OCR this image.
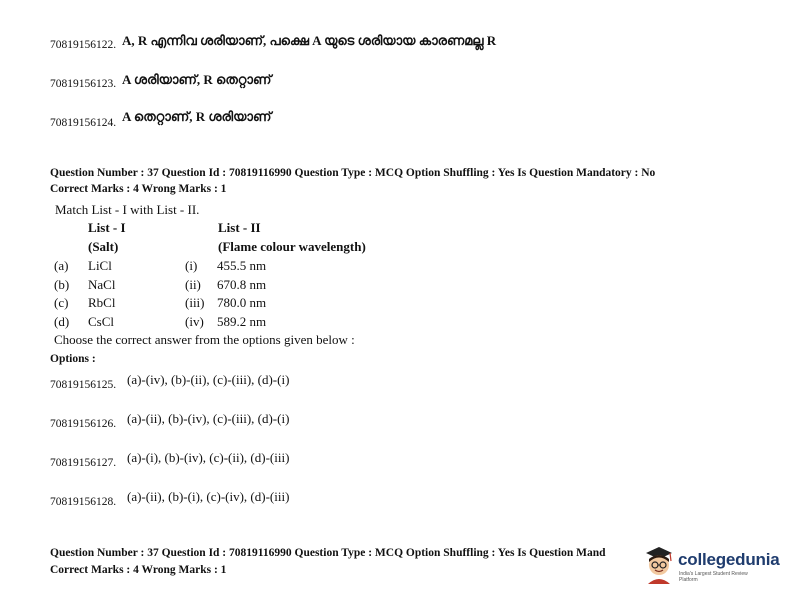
70819156122. A, R എന്നിവ ശരിയാണ്, പക്ഷെ A യുടെ ശരിയായ കാരണമല്ല R
70819156123. A ശരിയാണ്, R തെറ്റാണ്
70819156124. A തെറ്റാണ്, R ശരിയാണ്
Question Number : 37 Question Id : 70819116990 Question Type : MCQ Option Shuffling : Yes Is Question Mandatory : No
Correct Marks : 4 Wrong Marks : 1
Match List - I with List - II.
List - I	List - II
(Salt)	(Flame colour wavelength)
(a) LiCl	(i) 455.5 nm
(b) NaCl	(ii) 670.8 nm
(c) RbCl	(iii) 780.0 nm
(d) CsCl	(iv) 589.2 nm
Choose the correct answer from the options given below :
Options :
70819156125. (a)-(iv), (b)-(ii), (c)-(iii), (d)-(i)
70819156126. (a)-(ii), (b)-(iv), (c)-(iii), (d)-(i)
70819156127. (a)-(i), (b)-(iv), (c)-(ii), (d)-(iii)
70819156128. (a)-(ii), (b)-(i), (c)-(iv), (d)-(iii)
Question Number : 37 Question Id : 70819116990 Question Type : MCQ Option Shuffling : Yes Is Question Mand
Correct Marks : 4 Wrong Marks : 1
collegedunia
India's Largest Student Review Platform
